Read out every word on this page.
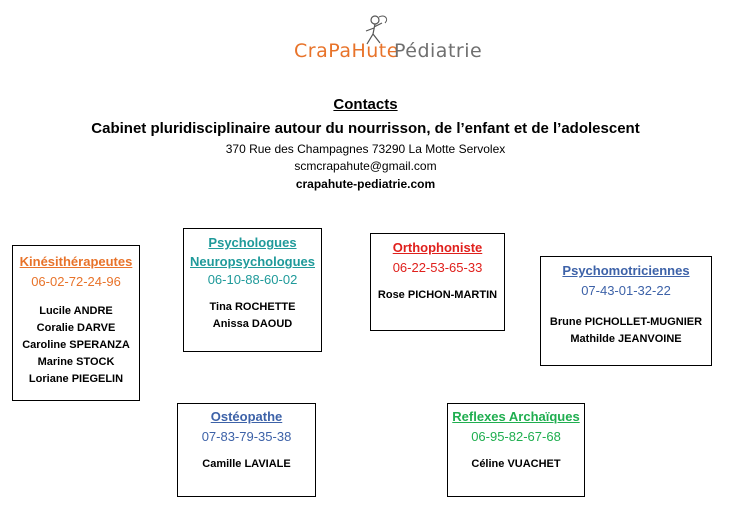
CraPaHute
Pédiatrie
Contacts
Cabinet pluridisciplinaire autour du nourrisson, de l’enfant et de l’adolescent
370 Rue des Champagnes 73290 La Motte Servolex
scmcrapahute@gmail.com
crapahute-pediatrie.com
Kinésithérapeutes
06-02-72-24-96
Lucile ANDRE
Coralie DARVE
Caroline SPERANZA
Marine STOCK
Loriane PIEGELIN
Psychologues
Neuropsychologues
06-10-88-60-02
Tina ROCHETTE
Anissa DAOUD
Orthophoniste
06-22-53-65-33
Rose PICHON-MARTIN
Psychomotriciennes
07-43-01-32-22
Brune PICHOLLET-MUGNIER
Mathilde JEANVOINE
Ostéopathe
07-83-79-35-38
Camille LAVIALE
Reflexes Archaïques
06-95-82-67-68
Céline VUACHET
